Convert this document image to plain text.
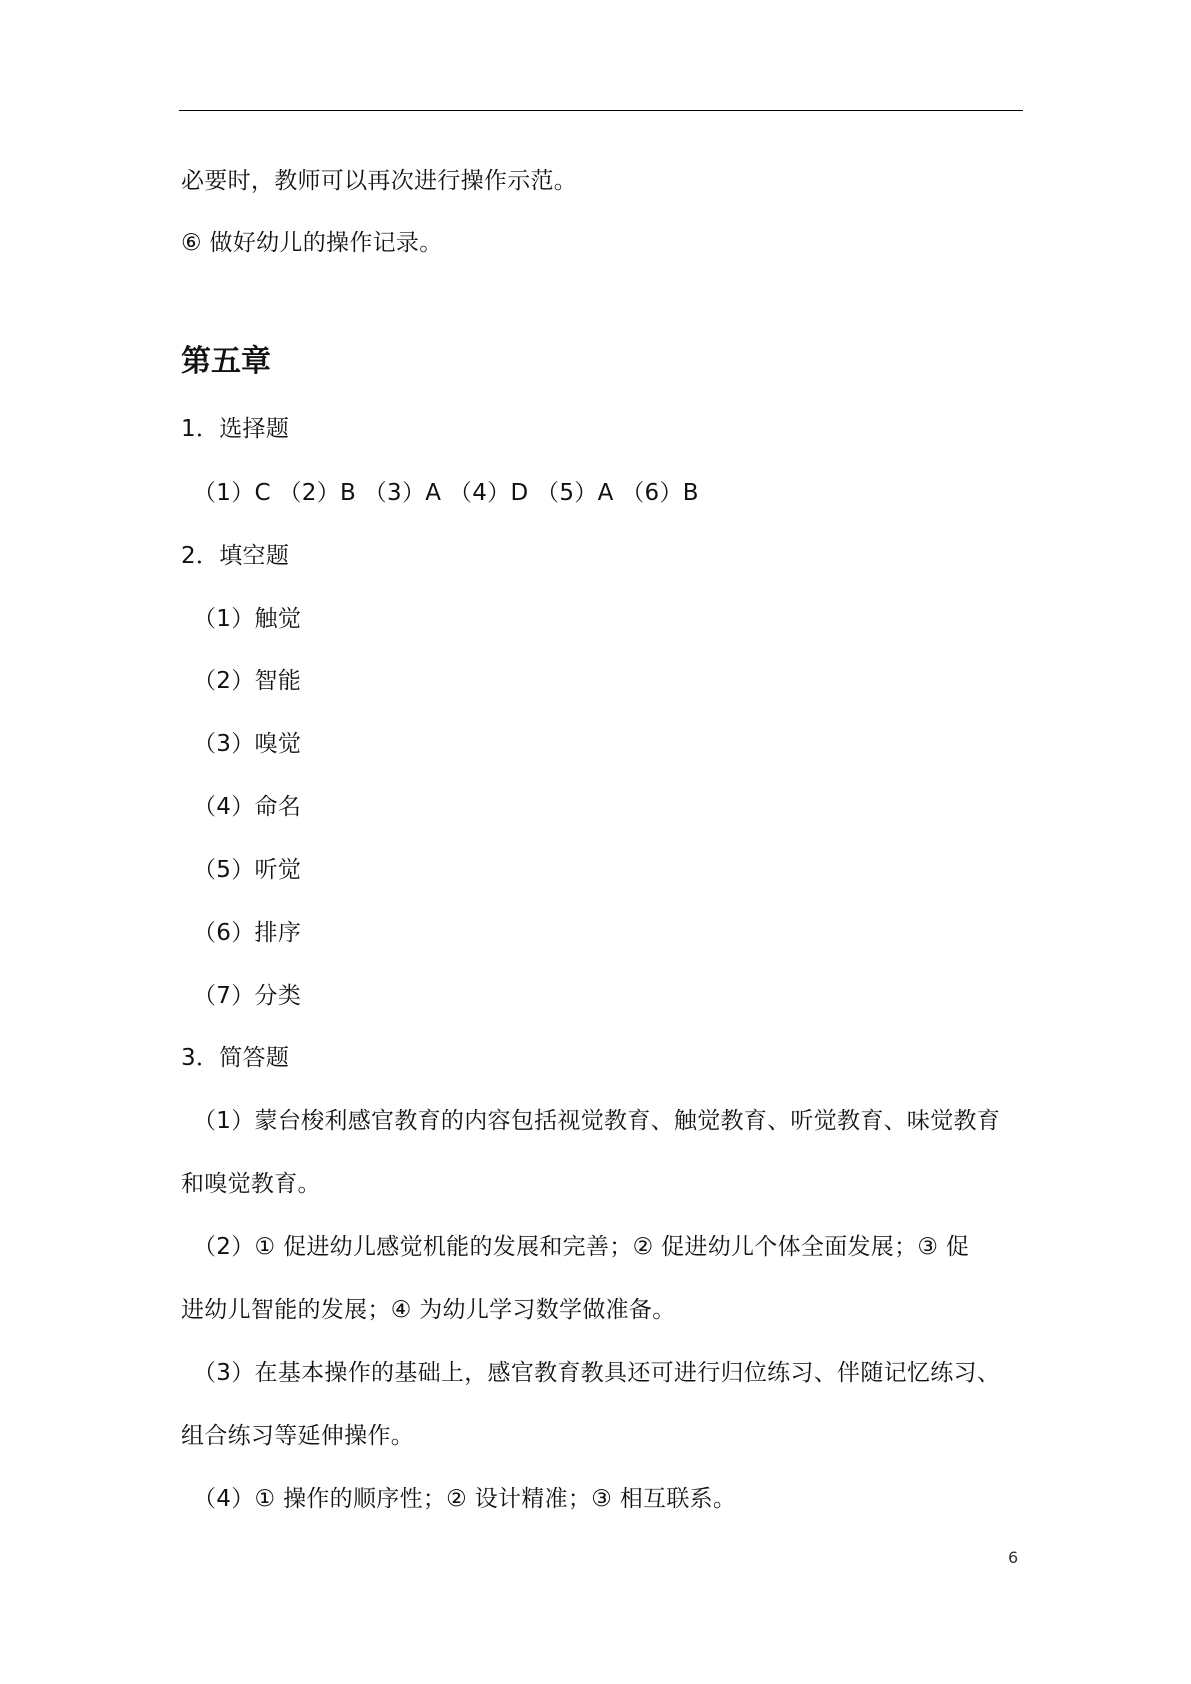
必要时，教师可以再次进行操作示范。
⑥ 做好幼儿的操作记录。
第五章
1．选择题
（1）C （2）B （3）A （4）D （5）A （6）B
2．填空题
（1）触觉
（2）智能
（3）嗅觉
（4）命名
（5）听觉
（6）排序
（7）分类
3．简答题
（1）蒙台梭利感官教育的内容包括视觉教育、触觉教育、听觉教育、味觉教育
和嗅觉教育。
（2）① 促进幼儿感觉机能的发展和完善；② 促进幼儿个体全面发展；③ 促
进幼儿智能的发展；④ 为幼儿学习数学做准备。
（3）在基本操作的基础上，感官教育教具还可进行归位练习、伴随记忆练习、
组合练习等延伸操作。
（4）① 操作的顺序性；② 设计精准；③ 相互联系。
6
